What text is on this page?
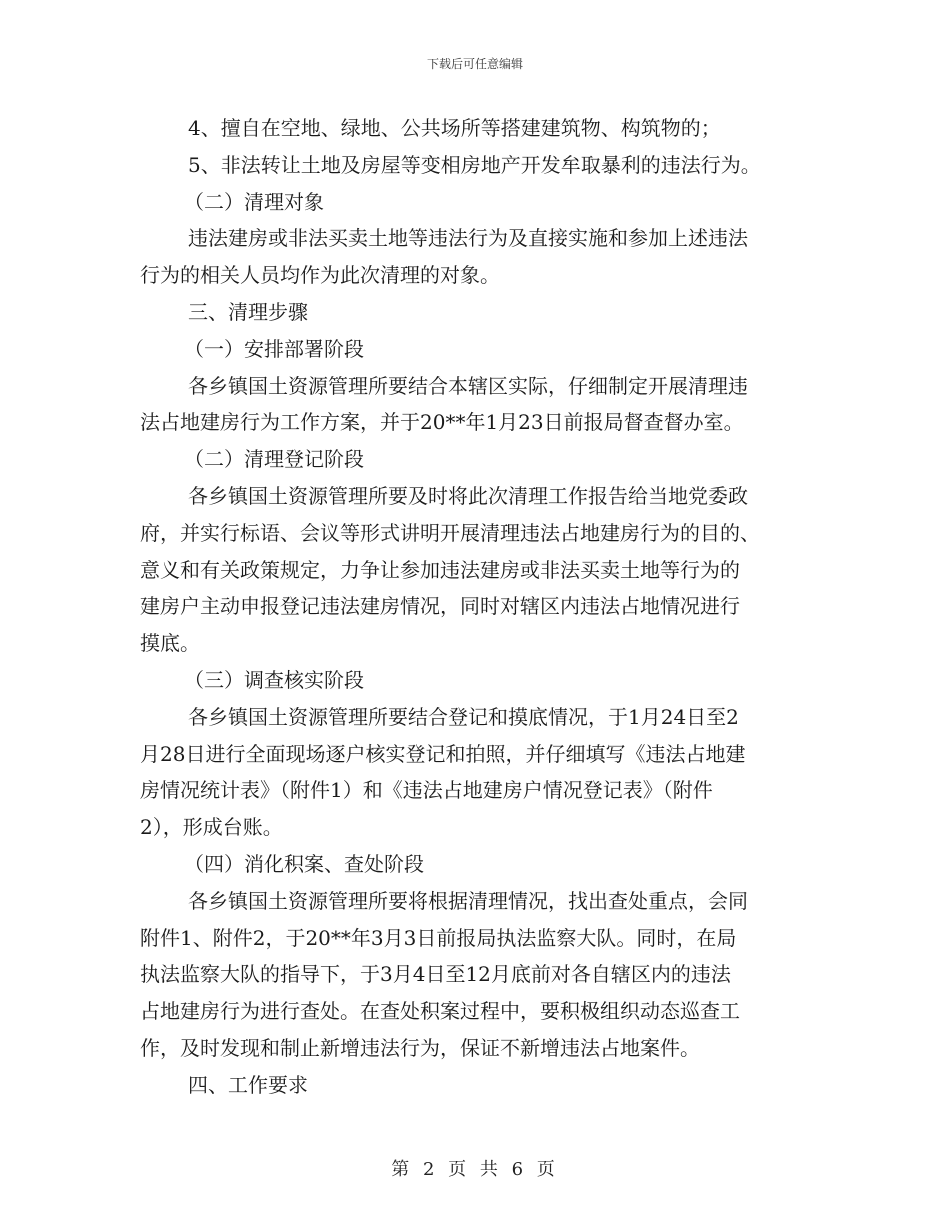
下载后可任意编辑
4、擅自在空地、绿地、公共场所等搭建建筑物、构筑物的；
5、非法转让土地及房屋等变相房地产开发牟取暴利的违法行为。
（二）清理对象
违法建房或非法买卖土地等违法行为及直接实施和参加上述违法
行为的相关人员均作为此次清理的对象。
三、清理步骤
（一）安排部署阶段
各乡镇国土资源管理所要结合本辖区实际，仔细制定开展清理违
法占地建房行为工作方案，并于20**年1月23日前报局督查督办室。
（二）清理登记阶段
各乡镇国土资源管理所要及时将此次清理工作报告给当地党委政
府，并实行标语、会议等形式讲明开展清理违法占地建房行为的目的、
意义和有关政策规定，力争让参加违法建房或非法买卖土地等行为的
建房户主动申报登记违法建房情况，同时对辖区内违法占地情况进行
摸底。
（三）调查核实阶段
各乡镇国土资源管理所要结合登记和摸底情况，于1月24日至2
月28日进行全面现场逐户核实登记和拍照，并仔细填写《违法占地建
房情况统计表》（附件1）和《违法占地建房户情况登记表》（附件
2），形成台账。
（四）消化积案、查处阶段
各乡镇国土资源管理所要将根据清理情况，找出查处重点，会同
附件1、附件2，于20**年3月3日前报局执法监察大队。同时，在局
执法监察大队的指导下，于3月4日至12月底前对各自辖区内的违法
占地建房行为进行查处。在查处积案过程中，要积极组织动态巡查工
作，及时发现和制止新增违法行为，保证不新增违法占地案件。
四、工作要求
第 2 页 共 6 页
